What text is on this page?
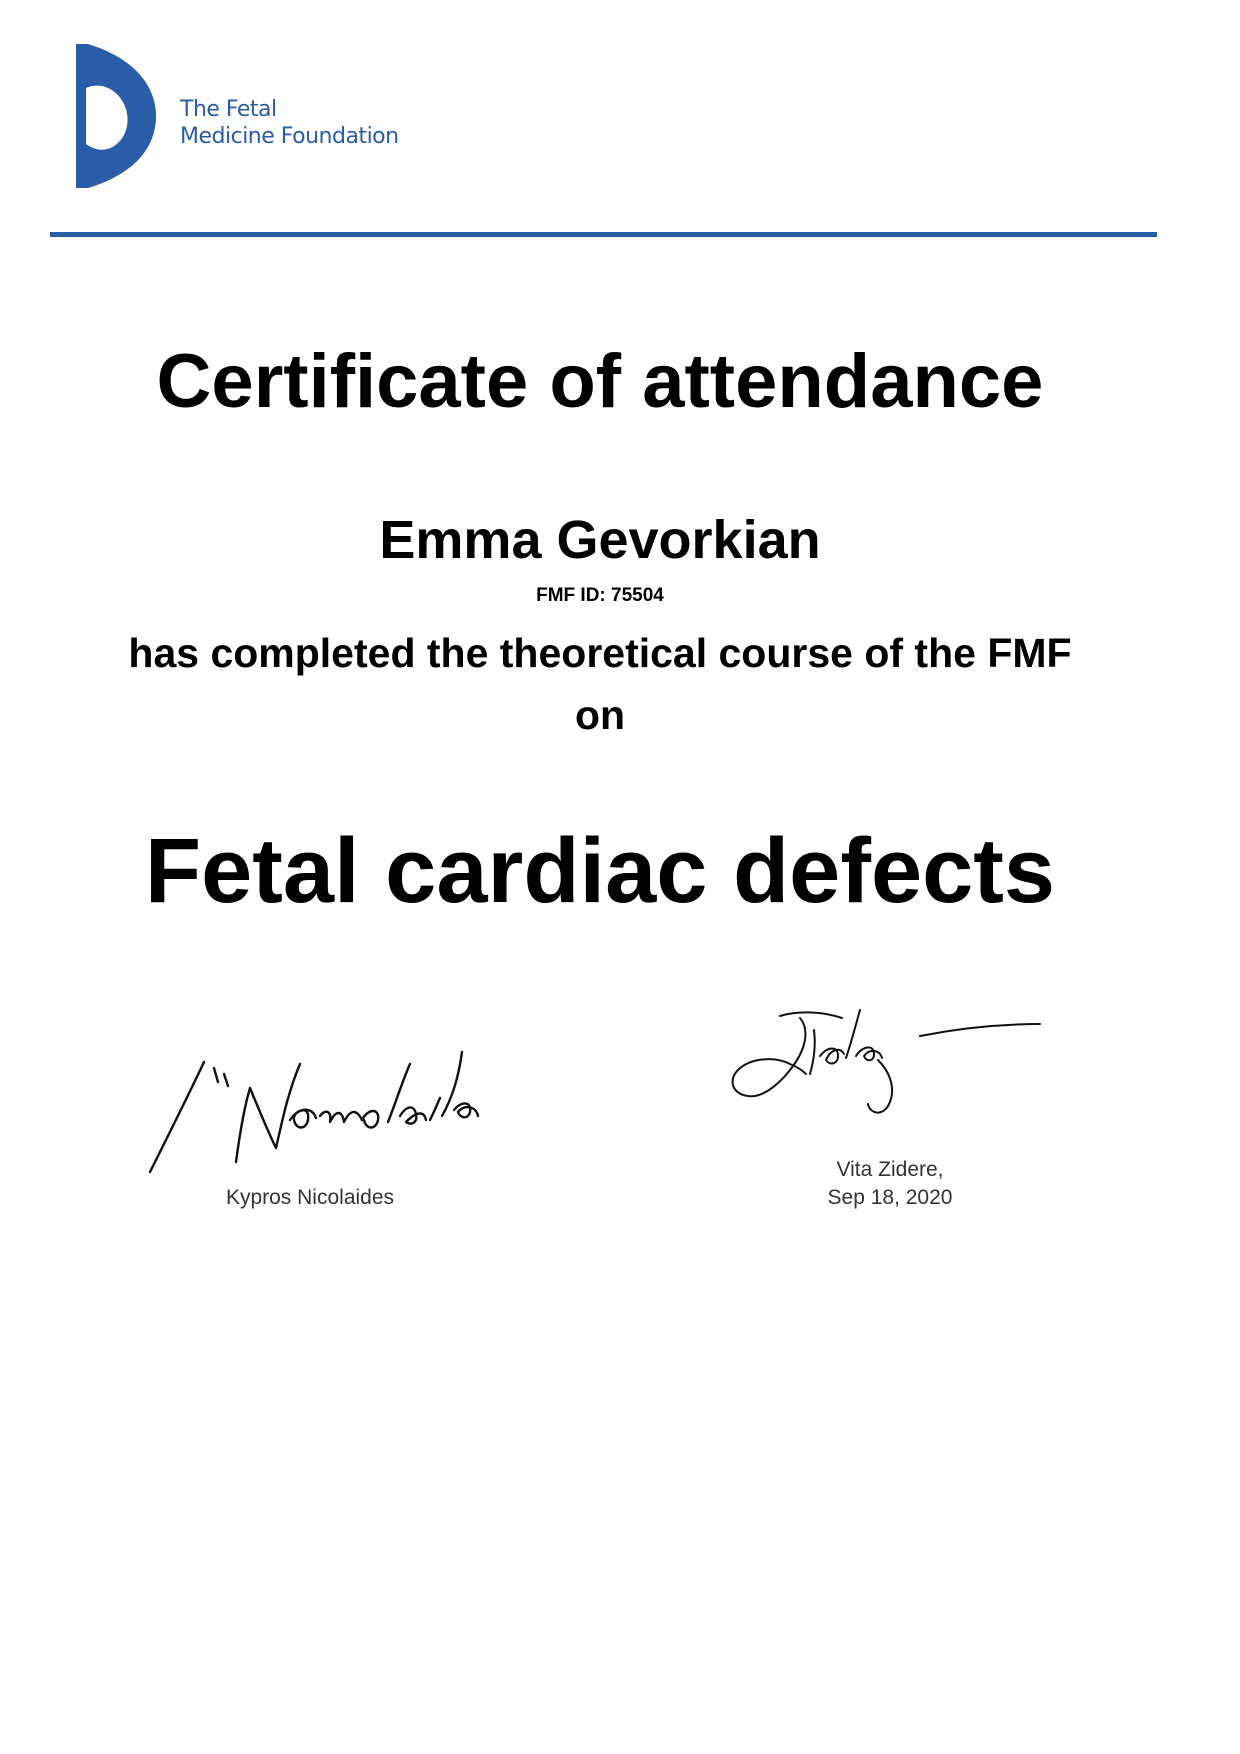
The Fetal
Medicine Foundation
Certificate of attendance
Emma Gevorkian
FMF ID: 75504
has completed the theoretical course of the FMF
on
Fetal cardiac defects
Kypros Nicolaides
Vita Zidere,
Sep 18, 2020
